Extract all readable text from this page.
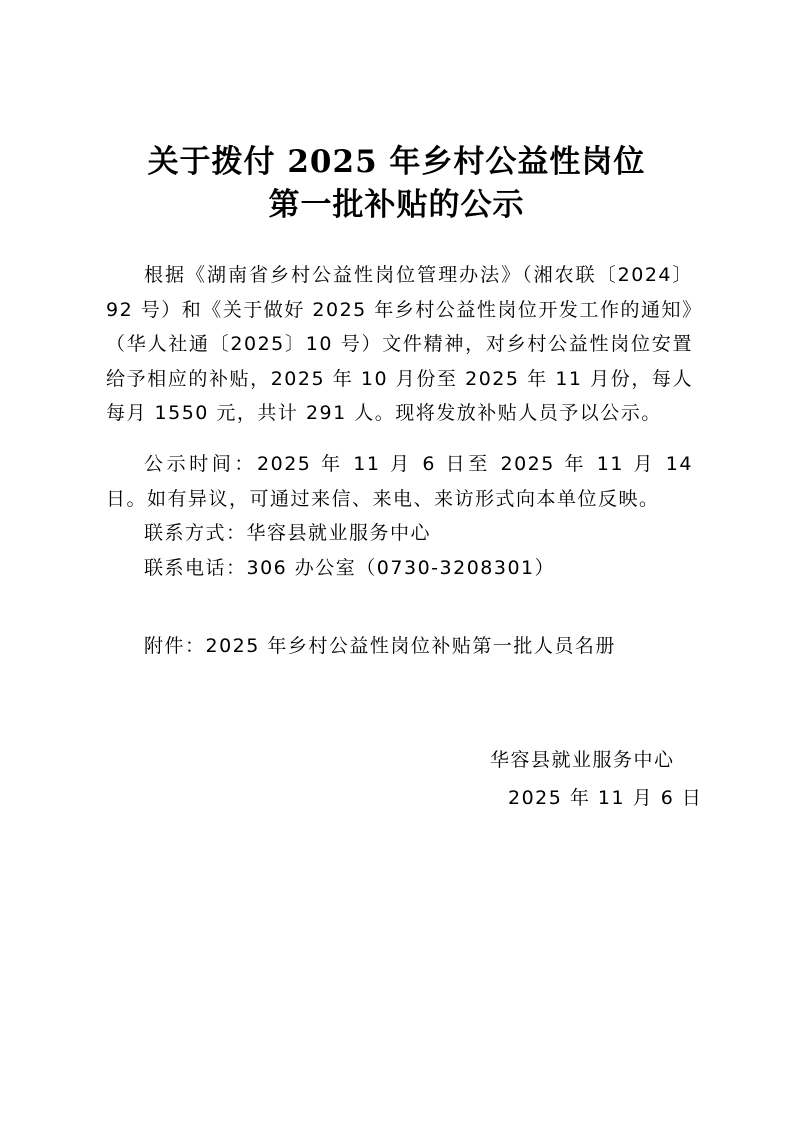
关于拨付 2025 年乡村公益性岗位
第一批补贴的公示

根据《湖南省乡村公益性岗位管理办法》（湘农联〔2024〕92 号）和《关于做好 2025 年乡村公益性岗位开发工作的通知》（华人社通〔2025〕10 号）文件精神，对乡村公益性岗位安置给予相应的补贴，2025 年 10 月份至 2025 年 11 月份，每人每月 1550 元，共计 291 人。现将发放补贴人员予以公示。

公示时间：2025 年 11 月 6 日至 2025 年 11 月 14 日。如有异议，可通过来信、来电、来访形式向本单位反映。

联系方式：华容县就业服务中心

联系电话：306 办公室（0730-3208301）

附件：2025 年乡村公益性岗位补贴第一批人员名册

华容县就业服务中心
2025 年 11 月 6 日
